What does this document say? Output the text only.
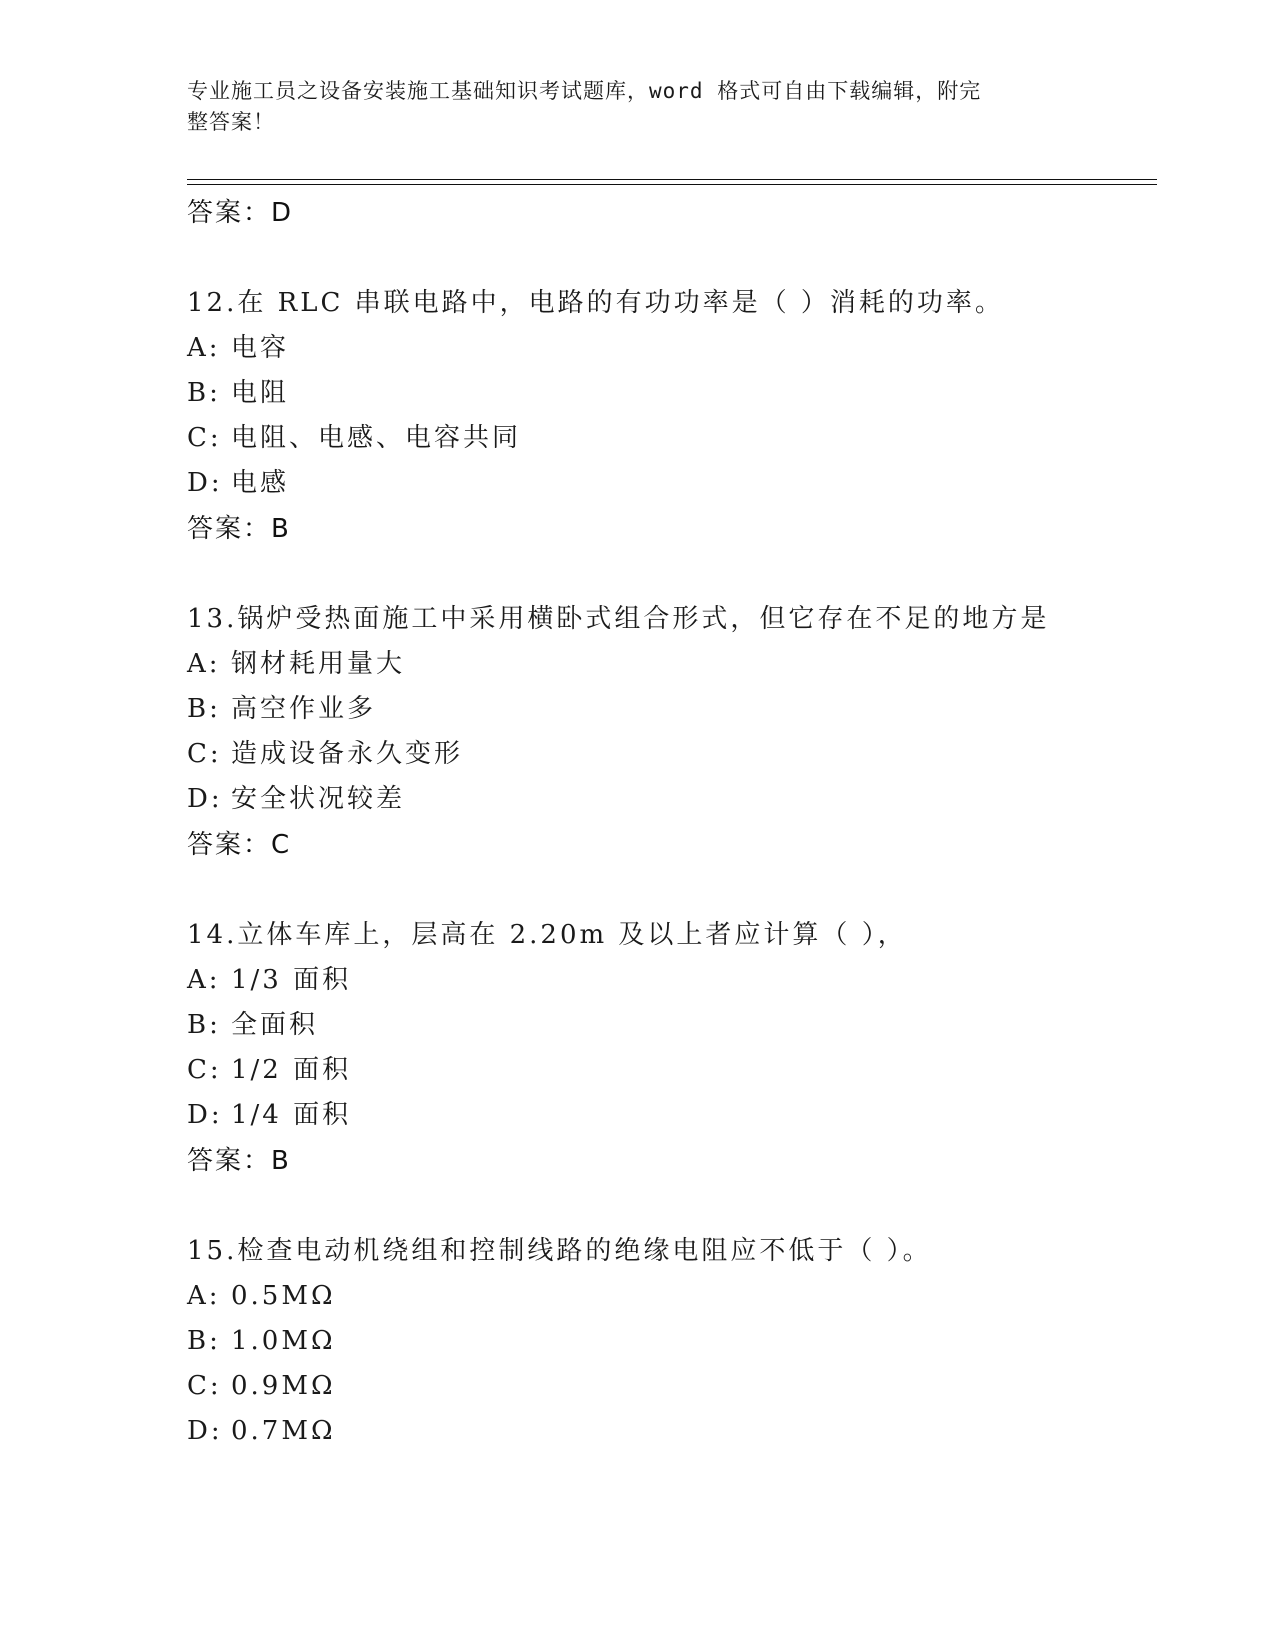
专业施工员之设备安装施工基础知识考试题库，word 格式可自由下载编辑，附完
整答案！
答案：D
12.在 RLC 串联电路中，电路的有功功率是（ ）消耗的功率。
A: 电容
B: 电阻
C: 电阻、电感、电容共同
D: 电感
答案：B
13.锅炉受热面施工中采用横卧式组合形式，但它存在不足的地方是
A: 钢材耗用量大
B: 高空作业多
C: 造成设备永久变形
D: 安全状况较差
答案：C
14.立体车库上，层高在 2.20m 及以上者应计算（ ），
A: 1/3 面积
B: 全面积
C: 1/2 面积
D: 1/4 面积
答案：B
15.检查电动机绕组和控制线路的绝缘电阻应不低于（ ）。
A: 0.5MΩ
B: 1.0MΩ
C: 0.9MΩ
D: 0.7MΩ
